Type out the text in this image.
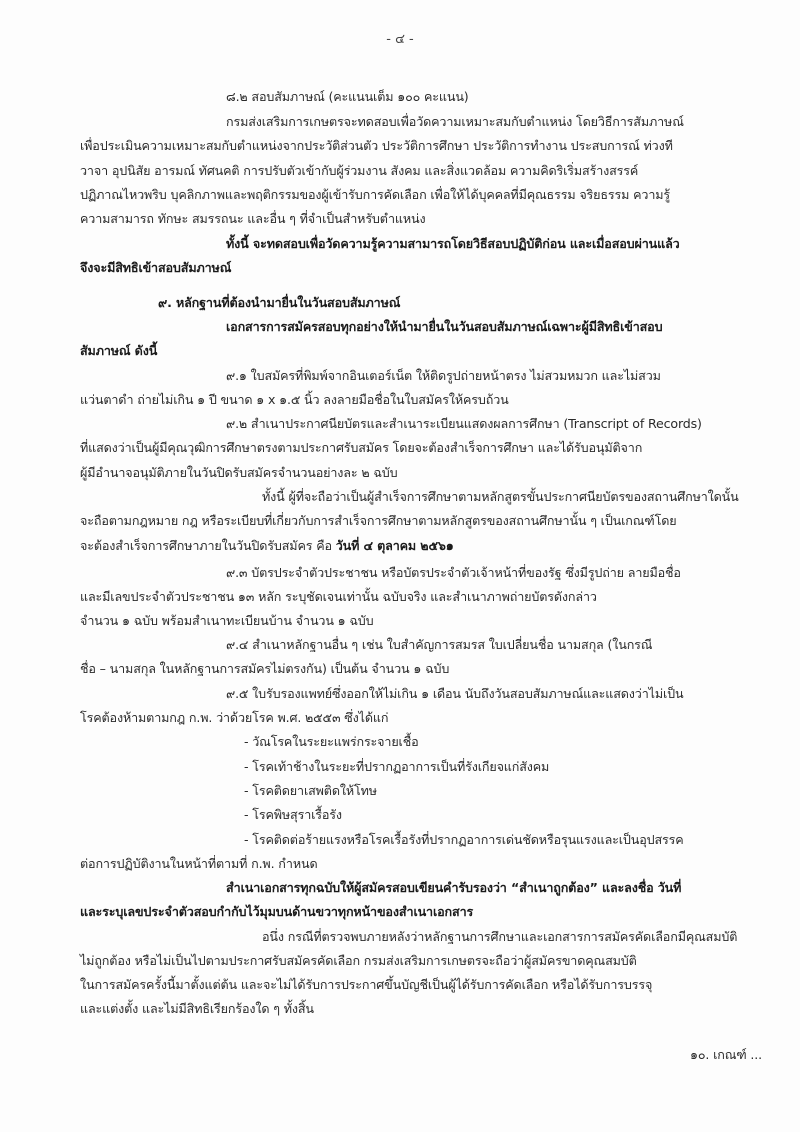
- ๔ -
๘.๒ สอบสัมภาษณ์ (คะแนนเต็ม ๑๐๐ คะแนน)
กรมส่งเสริมการเกษตรจะทดสอบเพื่อวัดความเหมาะสมกับตำแหน่ง โดยวิธีการสัมภาษณ์
เพื่อประเมินความเหมาะสมกับตำแหน่งจากประวัติส่วนตัว ประวัติการศึกษา ประวัติการทำงาน ประสบการณ์ ท่วงที
วาจา อุปนิสัย อารมณ์ ทัศนคติ การปรับตัวเข้ากับผู้ร่วมงาน สังคม และสิ่งแวดล้อม ความคิดริเริ่มสร้างสรรค์
ปฏิภาณไหวพริบ บุคลิกภาพและพฤติกรรมของผู้เข้ารับการคัดเลือก เพื่อให้ได้บุคคลที่มีคุณธรรม จริยธรรม ความรู้
ความสามารถ ทักษะ สมรรถนะ และอื่น ๆ ที่จำเป็นสำหรับตำแหน่ง
ทั้งนี้ จะทดสอบเพื่อวัดความรู้ความสามารถโดยวิธีสอบปฏิบัติก่อน และเมื่อสอบผ่านแล้ว
จึงจะมีสิทธิเข้าสอบสัมภาษณ์
๙. หลักฐานที่ต้องนำมายื่นในวันสอบสัมภาษณ์
เอกสารการสมัครสอบทุกอย่างให้นำมายื่นในวันสอบสัมภาษณ์เฉพาะผู้มีสิทธิเข้าสอบ
สัมภาษณ์ ดังนี้
๙.๑ ใบสมัครที่พิมพ์จากอินเตอร์เน็ต ให้ติดรูปถ่ายหน้าตรง ไม่สวมหมวก และไม่สวม
แว่นตาดำ ถ่ายไม่เกิน ๑ ปี ขนาด ๑ x ๑.๕ นิ้ว ลงลายมือชื่อในใบสมัครให้ครบถ้วน
๙.๒ สำเนาประกาศนียบัตรและสำเนาระเบียนแสดงผลการศึกษา (Transcript of Records)
ที่แสดงว่าเป็นผู้มีคุณวุฒิการศึกษาตรงตามประกาศรับสมัคร โดยจะต้องสำเร็จการศึกษา และได้รับอนุมัติจาก
ผู้มีอำนาจอนุมัติภายในวันปิดรับสมัครจำนวนอย่างละ ๒ ฉบับ
ทั้งนี้ ผู้ที่จะถือว่าเป็นผู้สำเร็จการศึกษาตามหลักสูตรขั้นประกาศนียบัตรของสถานศึกษาใดนั้น
จะถือตามกฎหมาย กฎ หรือระเบียบที่เกี่ยวกับการสำเร็จการศึกษาตามหลักสูตรของสถานศึกษานั้น ๆ เป็นเกณฑ์โดย
จะต้องสำเร็จการศึกษาภายในวันปิดรับสมัคร คือ วันที่ ๔ ตุลาคม ๒๕๖๑
๙.๓ บัตรประจำตัวประชาชน หรือบัตรประจำตัวเจ้าหน้าที่ของรัฐ ซึ่งมีรูปถ่าย ลายมือชื่อ
และมีเลขประจำตัวประชาชน ๑๓ หลัก ระบุชัดเจนเท่านั้น ฉบับจริง และสำเนาภาพถ่ายบัตรดังกล่าว
จำนวน ๑ ฉบับ พร้อมสำเนาทะเบียนบ้าน จำนวน ๑ ฉบับ
๙.๔ สำเนาหลักฐานอื่น ๆ เช่น ใบสำคัญการสมรส ใบเปลี่ยนชื่อ นามสกุล (ในกรณี
ชื่อ – นามสกุล ในหลักฐานการสมัครไม่ตรงกัน) เป็นต้น จำนวน ๑ ฉบับ
๙.๕ ใบรับรองแพทย์ซึ่งออกให้ไม่เกิน ๑ เดือน นับถึงวันสอบสัมภาษณ์และแสดงว่าไม่เป็น
โรคต้องห้ามตามกฎ ก.พ. ว่าด้วยโรค พ.ศ. ๒๕๕๓ ซึ่งได้แก่
- วัณโรคในระยะแพร่กระจายเชื้อ
- โรคเท้าช้างในระยะที่ปรากฏอาการเป็นที่รังเกียจแก่สังคม
- โรคติดยาเสพติดให้โทษ
- โรคพิษสุราเรื้อรัง
- โรคติดต่อร้ายแรงหรือโรคเรื้อรังที่ปรากฏอาการเด่นชัดหรือรุนแรงและเป็นอุปสรรค
ต่อการปฏิบัติงานในหน้าที่ตามที่ ก.พ. กำหนด
สำเนาเอกสารทุกฉบับให้ผู้สมัครสอบเขียนคำรับรองว่า “สำเนาถูกต้อง” และลงชื่อ วันที่
และระบุเลขประจำตัวสอบกำกับไว้มุมบนด้านขวาทุกหน้าของสำเนาเอกสาร
อนึ่ง กรณีที่ตรวจพบภายหลังว่าหลักฐานการศึกษาและเอกสารการสมัครคัดเลือกมีคุณสมบัติ
ไม่ถูกต้อง หรือไม่เป็นไปตามประกาศรับสมัครคัดเลือก กรมส่งเสริมการเกษตรจะถือว่าผู้สมัครขาดคุณสมบัติ
ในการสมัครครั้งนี้มาตั้งแต่ต้น และจะไม่ได้รับการประกาศขึ้นบัญชีเป็นผู้ได้รับการคัดเลือก หรือได้รับการบรรจุ
และแต่งตั้ง และไม่มีสิทธิเรียกร้องใด ๆ ทั้งสิ้น
๑๐. เกณฑ์ ...
